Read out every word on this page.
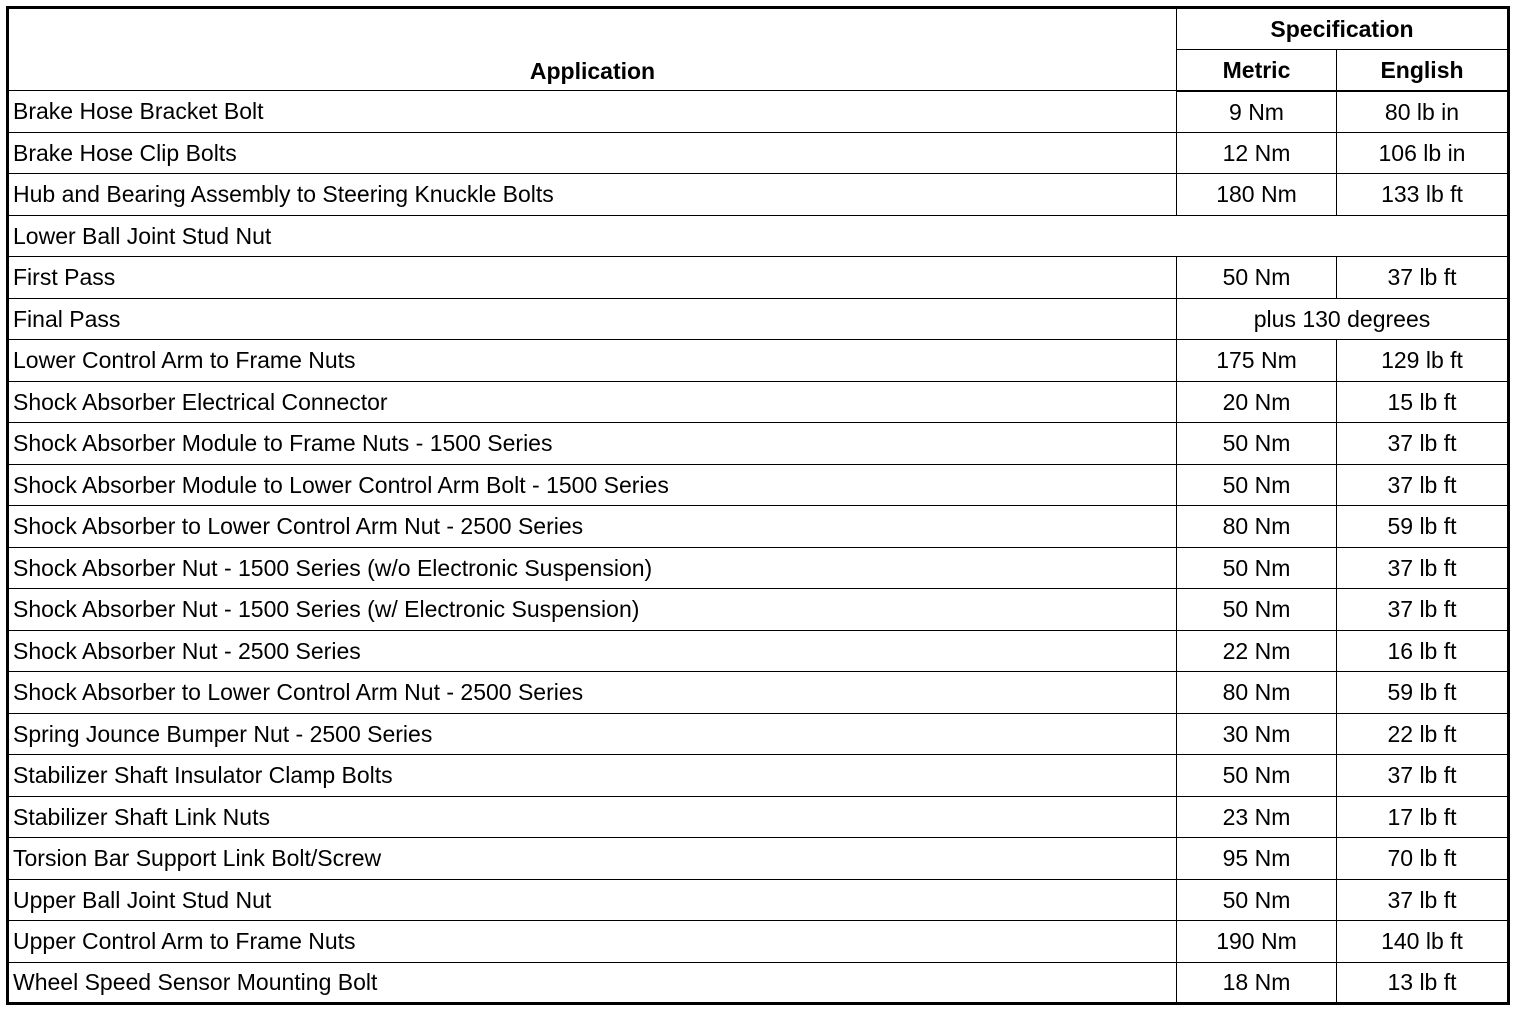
Application	Specification	
	Metric	English
Brake Hose Bracket Bolt	9 Nm	80 lb in
Brake Hose Clip Bolts	12 Nm	106 lb in
Hub and Bearing Assembly to Steering Knuckle Bolts	180 Nm	133 lb ft
Lower Ball Joint Stud Nut		
First Pass	50 Nm	37 lb ft
Final Pass	plus 130 degrees	
Lower Control Arm to Frame Nuts	175 Nm	129 lb ft
Shock Absorber Electrical Connector	20 Nm	15 lb ft
Shock Absorber Module to Frame Nuts - 1500 Series	50 Nm	37 lb ft
Shock Absorber Module to Lower Control Arm Bolt - 1500 Series	50 Nm	37 lb ft
Shock Absorber to Lower Control Arm Nut - 2500 Series	80 Nm	59 lb ft
Shock Absorber Nut - 1500 Series (w/o Electronic Suspension)	50 Nm	37 lb ft
Shock Absorber Nut - 1500 Series (w/ Electronic Suspension)	50 Nm	37 lb ft
Shock Absorber Nut - 2500 Series	22 Nm	16 lb ft
Shock Absorber to Lower Control Arm Nut - 2500 Series	80 Nm	59 lb ft
Spring Jounce Bumper Nut - 2500 Series	30 Nm	22 lb ft
Stabilizer Shaft Insulator Clamp Bolts	50 Nm	37 lb ft
Stabilizer Shaft Link Nuts	23 Nm	17 lb ft
Torsion Bar Support Link Bolt/Screw	95 Nm	70 lb ft
Upper Ball Joint Stud Nut	50 Nm	37 lb ft
Upper Control Arm to Frame Nuts	190 Nm	140 lb ft
Wheel Speed Sensor Mounting Bolt	18 Nm	13 lb ft
